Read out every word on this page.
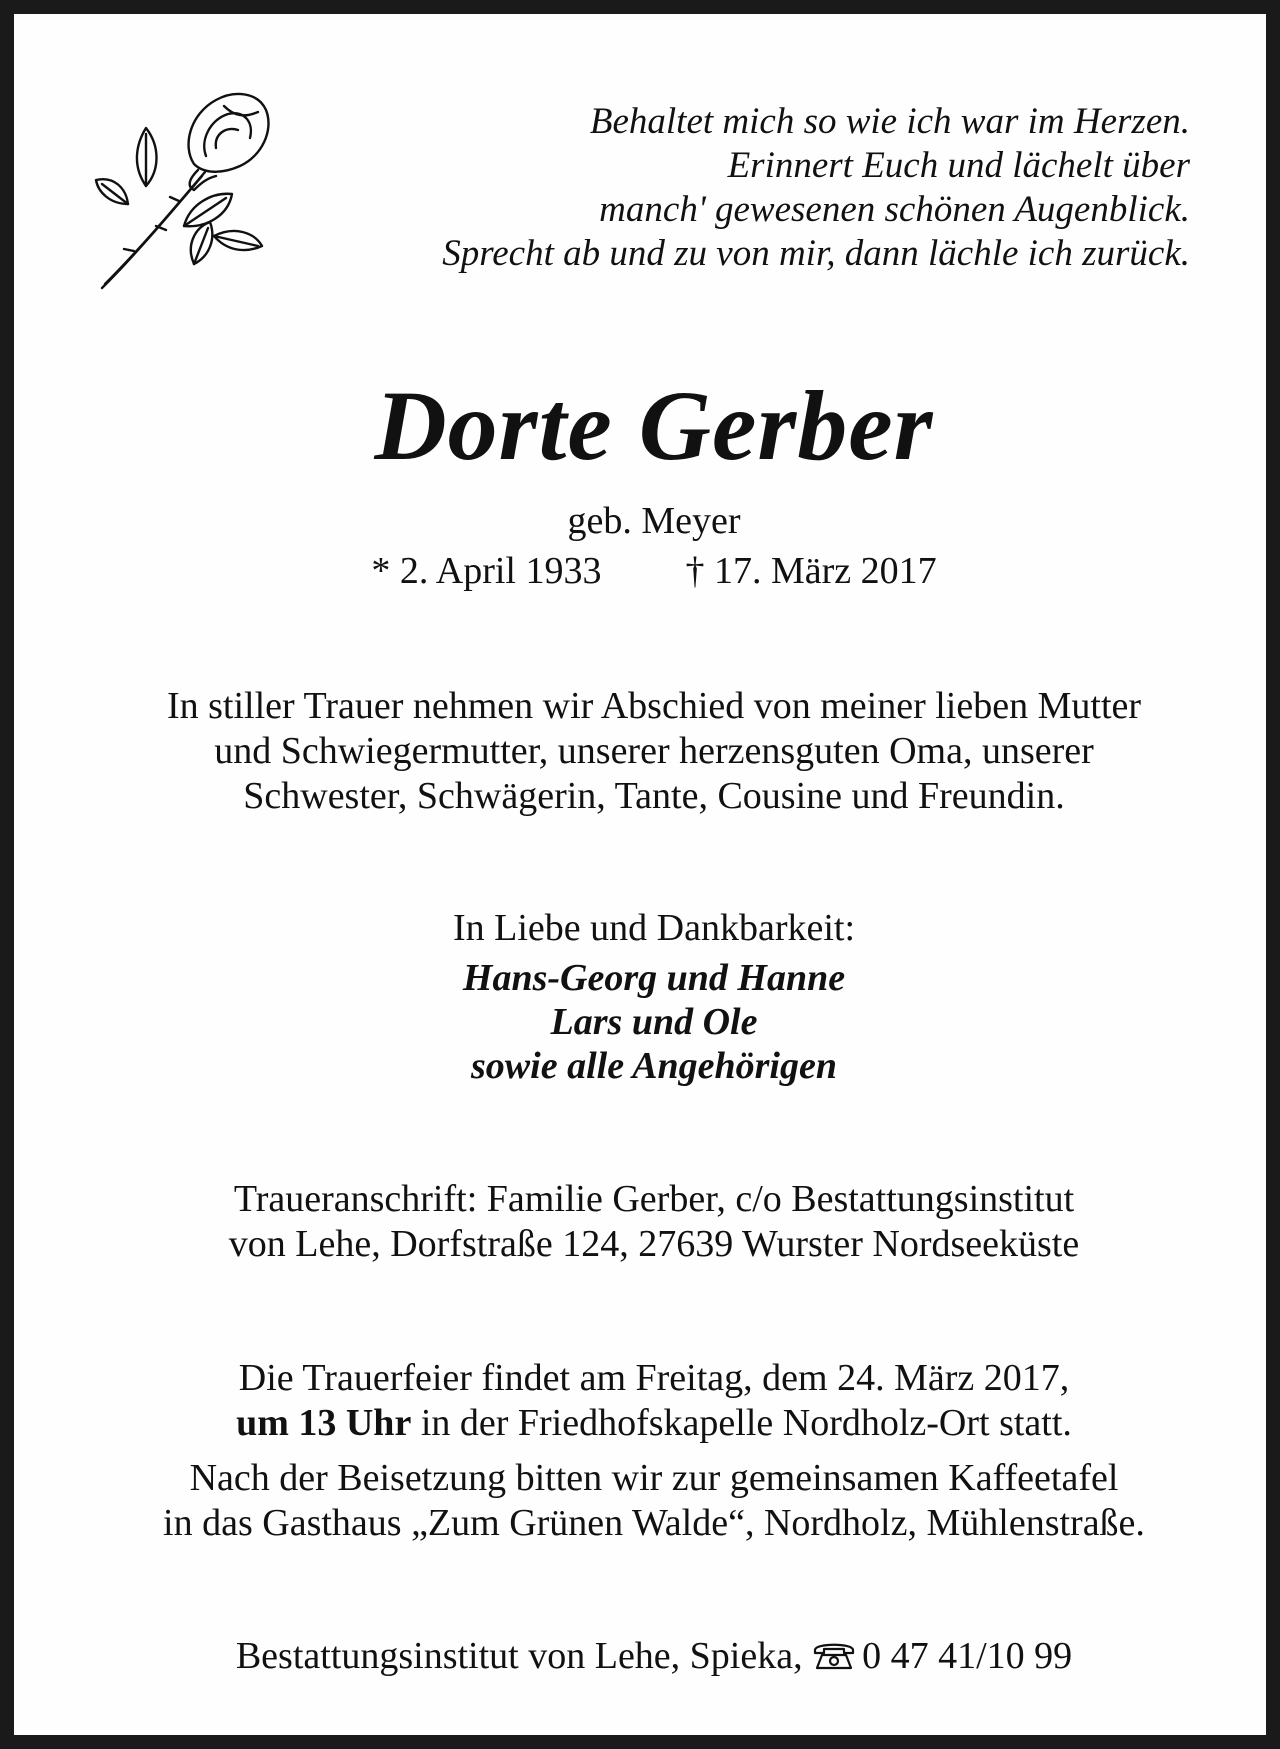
Behaltet mich so wie ich war im Herzen.
Erinnert Euch und lächelt über
manch' gewesenen schönen Augenblick.
Sprecht ab und zu von mir, dann lächle ich zurück.
Dorte Gerber
geb. Meyer
* 2. April 1933 † 17. März 2017
In stiller Trauer nehmen wir Abschied von meiner lieben Mutter
und Schwiegermutter, unserer herzensguten Oma, unserer
Schwester, Schwägerin, Tante, Cousine und Freundin.
In Liebe und Dankbarkeit:
Hans-Georg und Hanne
Lars und Ole
sowie alle Angehörigen
Traueranschrift: Familie Gerber, c/o Bestattungsinstitut
von Lehe, Dorfstraße 124, 27639 Wurster Nordseeküste
Die Trauerfeier findet am Freitag, dem 24. März 2017,
um 13 Uhr in der Friedhofskapelle Nordholz-Ort statt.
Nach der Beisetzung bitten wir zur gemeinsamen Kaffeetafel
in das Gasthaus „Zum Grünen Walde“, Nordholz, Mühlenstraße.
Bestattungsinstitut von Lehe, Spieka, 0 47 41/10 99
